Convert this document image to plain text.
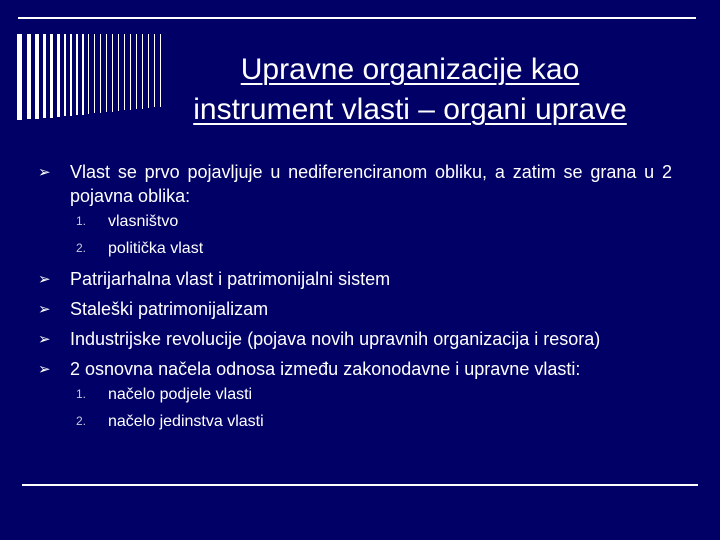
Upravne organizacije kao
instrument vlasti – organi uprave
➢	Vlast se prvo pojavljuje u nediferenciranom obliku, a zatim se grana u 2 pojavna oblika:
1. vlasništvo
2. politička vlast
➢	Patrijarhalna vlast i patrimonijalni sistem
➢	Staleški patrimonijalizam
➢	Industrijske revolucije (pojava novih upravnih organizacija i resora)
➢	2 osnovna načela odnosa između zakonodavne i upravne vlasti:
1. načelo podjele vlasti
2. načelo jedinstva vlasti
